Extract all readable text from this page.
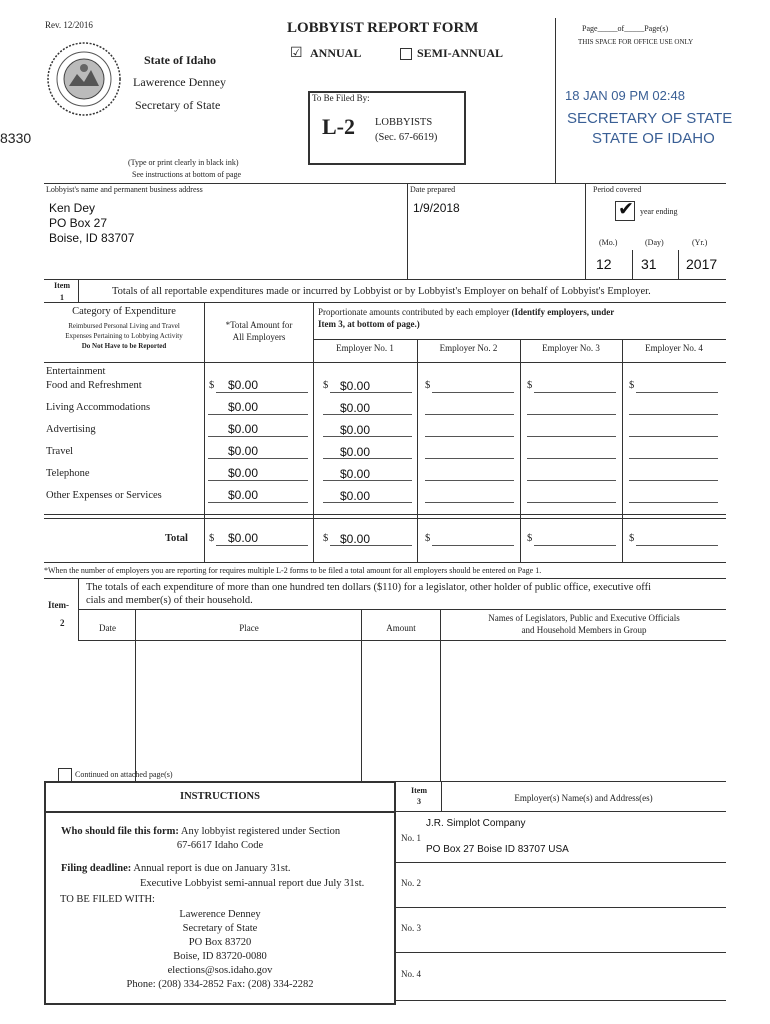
Rev. 12/2016	LOBBYIST REPORT FORM
☑ ANNUAL	SEMI-ANNUAL
State of Idaho
Lawerence Denney
Secretary of State	To Be Filed By:
L-2 LOBBYISTS
(Sec. 67-6619)
(Type or print clearly in black ink)
See instructions at bottom of page
8330
Page_____of_____Page(s)
THIS SPACE FOR OFFICE USE ONLY
18 JAN 09 PM 02:48
SECRETARY OF STATE
STATE OF IDAHO
Lobbyist's name and permanent business address
Ken Dey
PO Box 27
Boise, ID 83707
Date prepared
1/9/2018
Period covered
✔ year ending
(Mo.)	(Day)	(Yr.)
12 31 2017
Item
1
Totals of all reportable expenditures made or incurred by Lobbyist or by Lobbyist's Employer on behalf of Lobbyist's Employer.
Category of Expenditure
Reimbursed Personal Living and Travel
Expenses Pertaining to Lobbying Activity
Do Not Have to be Reported
*Total Amount for
All Employers
Proportionate amounts contributed by each employer (Identify employers, under
Item 3, at bottom of page.)
Employer No. 1	Employer No. 2	Employer No. 3	Employer No. 4
Entertainment
Food and Refreshment	$ $0.00	$ $0.00	$	$	$
Living Accommodations	$0.00	$0.00
Advertising	$0.00	$0.00
Travel	$0.00	$0.00
Telephone	$0.00	$0.00
Other Expenses or Services	$0.00	$0.00
Total $ $0.00	$ $0.00	$	$	$
*When the number of employers you are reporting for requires multiple L-2 forms to be filed a total amount for all employers should be entered on Page 1.
Item-
2
The totals of each expenditure of more than one hundred ten dollars ($110) for a legislator, other holder of public office, executive offi
cials and member(s) of their household.
Date	Place	Amount
Names of Legislators, Public and Executive Officials
and Household Members in Group
Continued on attached page(s)
INSTRUCTIONS
Who should file this form: Any lobbyist registered under Section
67-6617 Idaho Code
Filing deadline: Annual report is due on January 31st.
Executive Lobbyist semi-annual report due July 31st.
TO BE FILED WITH:
Lawerence Denney
Secretary of State
PO Box 83720
Boise, ID 83720-0080
elections@sos.idaho.gov
Phone: (208) 334-2852 Fax: (208) 334-2282
Item
3	Employer(s) Name(s) and Address(es)
No. 1
J.R. Simplot Company
PO Box 27 Boise ID 83707 USA
No. 2
No. 3
No. 4
